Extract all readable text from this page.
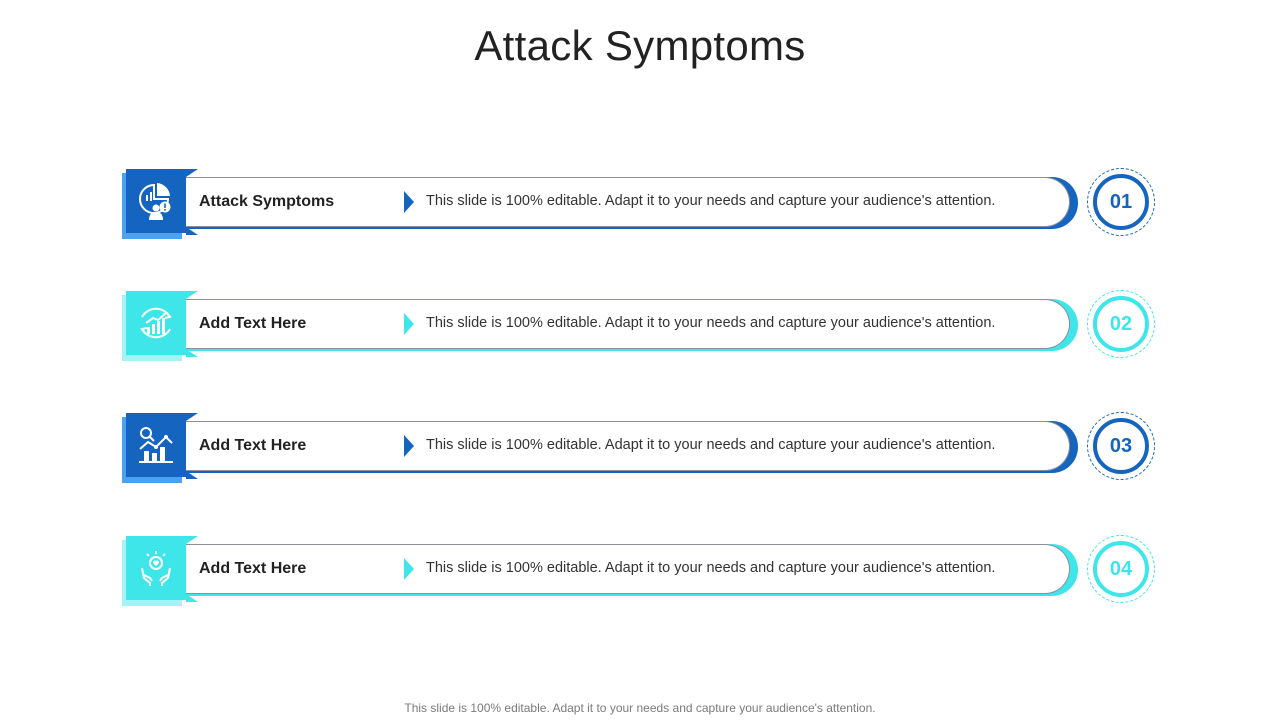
Attack Symptoms
Attack Symptoms	This slide is 100% editable. Adapt it to your needs and capture your audience's attention.	01
Add Text Here	This slide is 100% editable. Adapt it to your needs and capture your audience's attention.	02
Add Text Here	This slide is 100% editable. Adapt it to your needs and capture your audience's attention.	03
Add Text Here	This slide is 100% editable. Adapt it to your needs and capture your audience's attention.	04
This slide is 100% editable. Adapt it to your needs and capture your audience's attention.
